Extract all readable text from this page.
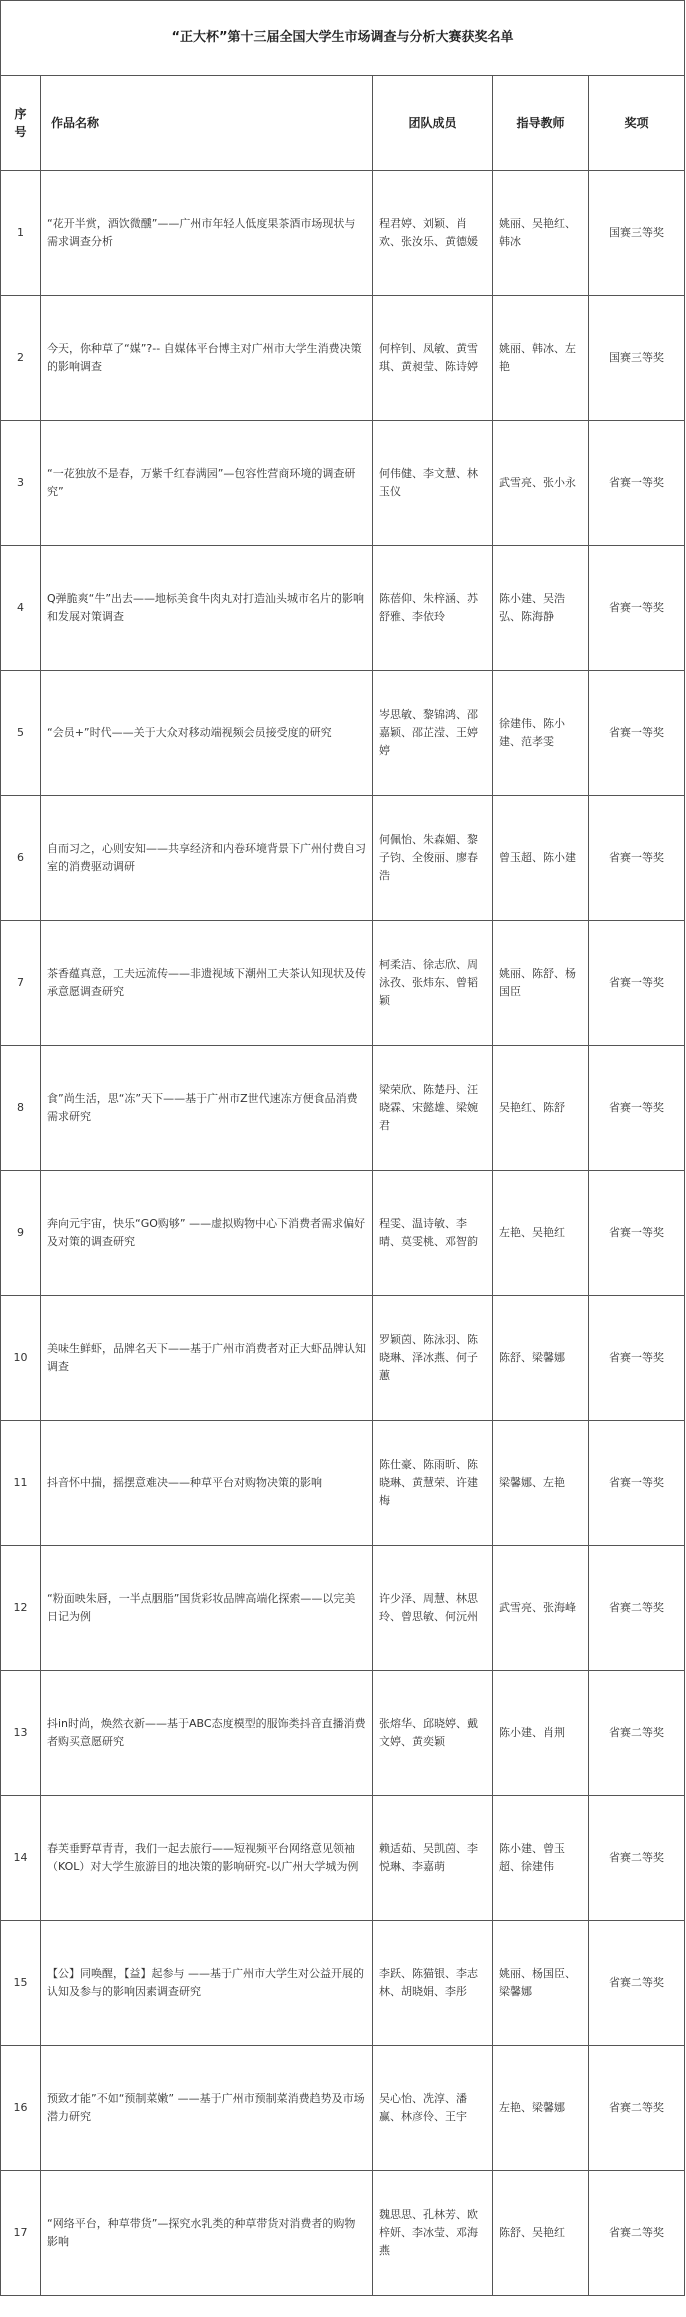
“正大杯”第十三届全国大学生市场调查与分析大赛获奖名单				
序
号	作品名称	团队成员	指导教师	奖项
1	“花开半赏，酒饮微醺”——广州市年轻人低度果茶酒市场现状与需求调查分析	程君婷、刘颖、肖欢、张汝乐、黄德媛	姚丽、吴艳红、韩冰	国赛三等奖
2	今天，你种草了“媒”?-- 自媒体平台博主对广州市大学生消费决策的影响调查	何梓钊、凤敏、黄雪琪、黄昶莹、陈诗婷	姚丽、韩冰、左艳	国赛三等奖
3	“一花独放不是春，万紫千红春满园”—包容性营商环境的调查研究”	何伟健、李文慧、林玉仪	武雪亮、张小永	省赛一等奖
4	Q弹脆爽“牛”出去——地标美食牛肉丸对打造汕头城市名片的影响和发展对策调查	陈蓓仰、朱梓涵、苏舒雅、李依玲	陈小建、吴浩弘、陈海静	省赛一等奖
5	“会员+”时代——关于大众对移动端视频会员接受度的研究	岑思敏、黎锦鸿、邵嘉颖、邵芷滢、王婷婷	徐建伟、陈小建、范孝雯	省赛一等奖
6	自而习之，心则安知——共享经济和内卷环境背景下广州付费自习室的消费驱动调研	何佩怡、朱森媚、黎子钧、全俊丽、廖春浩	曾玉超、陈小建	省赛一等奖
7	茶香蕴真意，工夫远流传——非遗视域下潮州工夫茶认知现状及传承意愿调查研究	柯柔洁、徐志欣、周泳孜、张炜东、曾韬颖	姚丽、陈舒、杨国臣	省赛一等奖
8	食”尚生活，思“冻”天下——基于广州市Z世代速冻方便食品消费需求研究	梁荣欣、陈楚丹、汪晓霖、宋懿雄、梁婉君	吴艳红、陈舒	省赛一等奖
9	奔向元宇宙，快乐“GO购够” ——虚拟购物中心下消费者需求偏好及对策的调查研究	程雯、温诗敏、李晴、莫雯桃、邓智韵	左艳、吴艳红	省赛一等奖
10	美味生鲜虾，品牌名天下——基于广州市消费者对正大虾品牌认知调查	罗颖茵、陈泳羽、陈晓琳、泽冰燕、何子蕙	陈舒、梁馨娜	省赛一等奖
11	抖音怀中揣，摇摆意难决——种草平台对购物决策的影响	陈仕豪、陈雨昕、陈晓琳、黄慧荣、许建梅	梁馨娜、左艳	省赛一等奖
12	“粉面映朱唇，一半点胭脂”国货彩妆品牌高端化探索——以完美日记为例	许少泽、周慧、林思玲、曾思敏、何沅州	武雪亮、张海峰	省赛二等奖
13	抖in时尚，焕然衣新——基于ABC态度模型的服饰类抖音直播消费者购买意愿研究	张熔华、邱晓婷、戴文婷、黄奕颖	陈小建、肖荆	省赛二等奖
14	春芙垂野草青青，我们一起去旅行——短视频平台网络意见领袖（KOL）对大学生旅游目的地决策的影响研究-以广州大学城为例	赖适茹、吴凯茵、李悦琳、李嘉萌	陈小建、曾玉超、徐建伟	省赛二等奖
15	【公】同唤醒，【益】起参与 ——基于广州市大学生对公益开展的认知及参与的影响因素调查研究	李跃、陈猫银、李志林、胡晓娟、李彤	姚丽、杨国臣、梁馨娜	省赛二等奖
16	预致才能”不如“预制菜嫩” ——基于广州市预制菜消费趋势及市场潜力研究	吴心怡、冼淳、潘赢、林彦伶、王宇	左艳、梁馨娜	省赛二等奖
17	“网络平台，种草带货”—探究水乳类的种草带货对消费者的购物影响	魏思思、孔林芳、欧梓妍、李冰莹、邓海燕	陈舒、吴艳红	省赛二等奖
